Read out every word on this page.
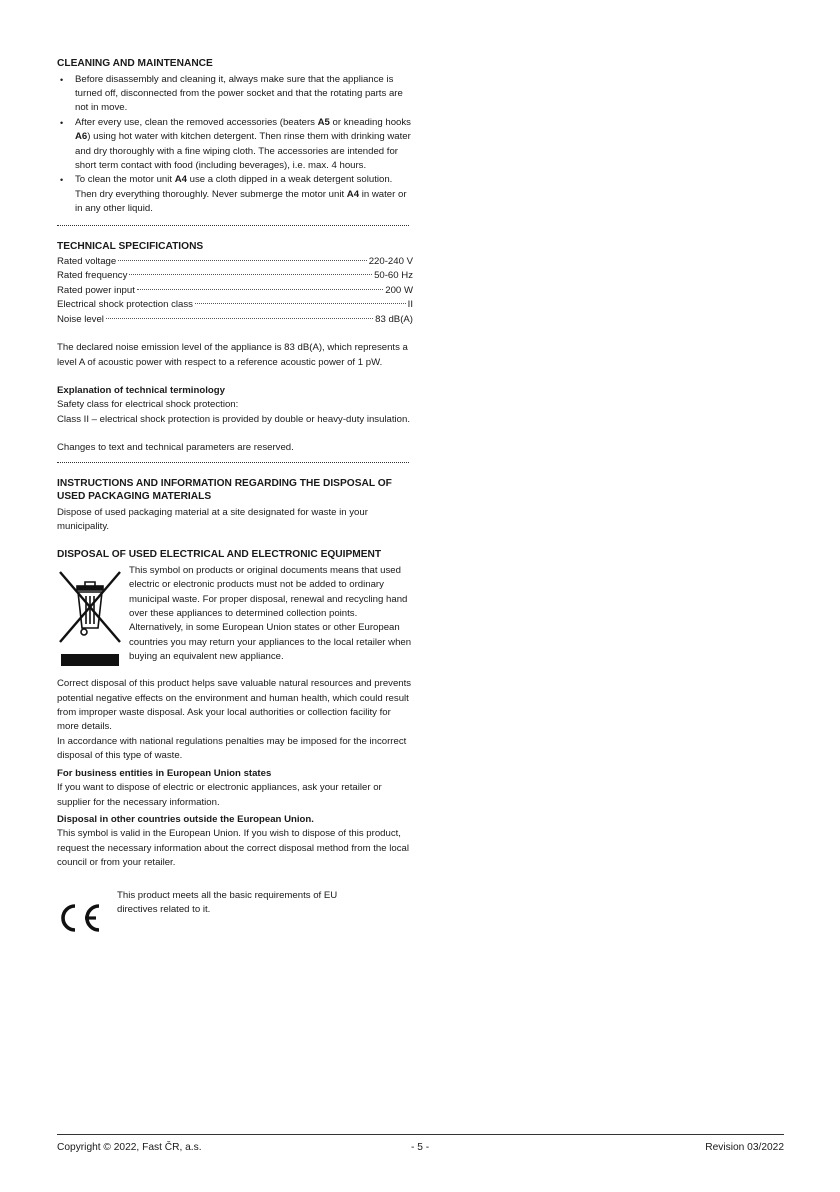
CLEANING AND MAINTENANCE
• Before disassembly and cleaning it, always make sure that the appliance is turned off, disconnected from the power socket and that the rotating parts are not in move.
• After every use, clean the removed accessories (beaters A5 or kneading hooks A6) using hot water with kitchen detergent. Then rinse them with drinking water and dry thoroughly with a fine wiping cloth. The accessories are intended for short term contact with food (including beverages), i.e. max. 4 hours.
• To clean the motor unit A4 use a cloth dipped in a weak detergent solution. Then dry everything thoroughly. Never submerge the motor unit A4 in water or in any other liquid.
TECHNICAL SPECIFICATIONS
Rated voltage	220-240 V
Rated frequency	50-60 Hz
Rated power input	200 W
Electrical shock protection class	II
Noise level	83 dB(A)

The declared noise emission level of the appliance is 83 dB(A), which represents a level A of acoustic power with respect to a reference acoustic power of 1 pW.

Explanation of technical terminology

Safety class for electrical shock protection:

Class II – electrical shock protection is provided by double or heavy-duty insulation.

Changes to text and technical parameters are reserved.

INSTRUCTIONS AND INFORMATION REGARDING THE DISPOSAL OF USED PACKAGING MATERIALS

Dispose of used packaging material at a site designated for waste in your municipality.

DISPOSAL OF USED ELECTRICAL AND ELECTRONIC EQUIPMENT

This symbol on products or original documents means that used electric or electronic products must not be added to ordinary municipal waste. For proper disposal, renewal and recycling hand over these appliances to determined collection points. Alternatively, in some European Union states or other European countries you may return your appliances to the local retailer when buying an equivalent new appliance.

Correct disposal of this product helps save valuable natural resources and prevents potential negative effects on the environment and human health, which could result from improper waste disposal. Ask your local authorities or collection facility for more details.

In accordance with national regulations penalties may be imposed for the incorrect disposal of this type of waste.

For business entities in European Union states

If you want to dispose of electric or electronic appliances, ask your retailer or supplier for the necessary information.

Disposal in other countries outside the European Union.

This symbol is valid in the European Union. If you wish to dispose of this product, request the necessary information about the correct disposal method from the local council or from your retailer.

This product meets all the basic requirements of EU directives related to it.

Copyright © 2022, Fast ČR, a.s.	- 5 -	Revision 03/2022
